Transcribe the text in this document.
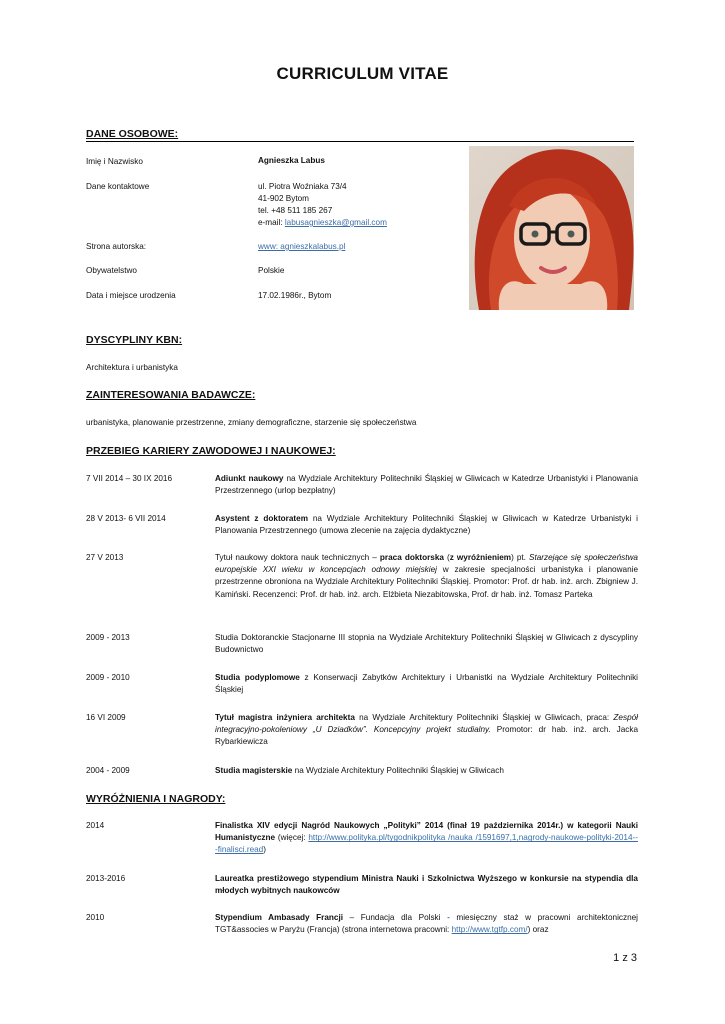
CURRICULUM VITAE
DANE OSOBOWE:
Imię i Nazwisko	Agnieszka Labus
Dane kontaktowe	ul. Piotra Woźniaka 73/4
41-902 Bytom
tel. +48 511 185 267
e-mail: labusagnieszka@gmail.com
Strona autorska:	www: agnieszkalabus.pl
Obywatelstwo	Polskie
Data i miejsce urodzenia	17.02.1986r., Bytom
DYSCYPLINY KBN:
Architektura i urbanistyka
ZAINTERESOWANIA BADAWCZE:
urbanistyka, planowanie przestrzenne, zmiany demograficzne, starzenie się społeczeństwa
PRZEBIEG KARIERY ZAWODOWEJ I NAUKOWEJ:
7 VII 2014 – 30 IX 2016	Adiunkt naukowy na Wydziale Architektury Politechniki Śląskiej w Gliwicach w Katedrze Urbanistyki i Planowania Przestrzennego (urlop bezpłatny)
28 V 2013- 6 VII 2014	Asystent z doktoratem na Wydziale Architektury Politechniki Śląskiej w Gliwicach w Katedrze Urbanistyki i Planowania Przestrzennego (umowa zlecenie na zajęcia dydaktyczne)
27 V 2013	Tytuł naukowy doktora nauk technicznych – praca doktorska (z wyróżnieniem) pt. Starzejące się społeczeństwa europejskie XXI wieku w koncepcjach odnowy miejskiej w zakresie specjalności urbanistyka i planowanie przestrzenne obroniona na Wydziale Architektury Politechniki Śląskiej. Promotor: Prof. dr hab. inż. arch. Zbigniew J. Kamiński. Recenzenci: Prof. dr hab. inż. arch. Elżbieta Niezabitowska, Prof. dr hab. inż. Tomasz Parteka
2009 - 2013	Studia Doktoranckie Stacjonarne III stopnia na Wydziale Architektury Politechniki Śląskiej w Gliwicach z dyscypliny Budownictwo
2009 - 2010	Studia podyplomowe z Konserwacji Zabytków Architektury i Urbanistki na Wydziale Architektury Politechniki Śląskiej
16 VI 2009	Tytuł magistra inżyniera architekta na Wydziale Architektury Politechniki Śląskiej w Gliwicach, praca: Zespół integracyjno-pokoleniowy „U Dziadków”. Koncepcyjny projekt studialny. Promotor: dr hab. inż. arch. Jacka Rybarkiewicza
2004 - 2009	Studia magisterskie na Wydziale Architektury Politechniki Śląskiej w Gliwicach
WYRÓŻNIENIA I NAGRODY:
2014	Finalistka XIV edycji Nagród Naukowych „Polityki” 2014 (finał 19 października 2014r.) w kategorii Nauki Humanistyczne (więcej: http://www.polityka.pl/tygodnikpolityka /nauka /1591697,1,nagrody-naukowe-polityki-2014---finalisci.read)
2013-2016	Laureatka prestiżowego stypendium Ministra Nauki i Szkolnictwa Wyższego w konkursie na stypendia dla młodych wybitnych naukowców
2010	Stypendium Ambasady Francji – Fundacja dla Polski - miesięczny staż w pracowni architektonicznej TGT&associes w Paryżu (Francja) (strona internetowa pracowni: http://www.tgtfp.com/) oraz
1 z 3
